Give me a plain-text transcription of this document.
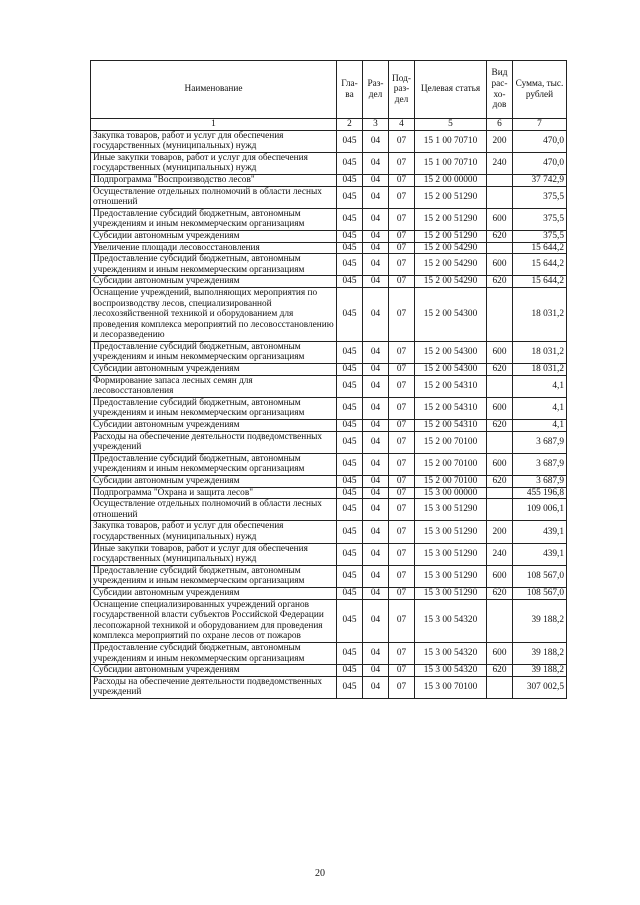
Наименование	Гла-ва	Раз-дел	Под-раз-дел	Целевая статья	Вид рас-хо-дов	Сумма, тыс. рублей
1	2	3	4	5	6	7
Закупка товаров, работ и услуг для обеспечения государственных (муниципальных) нужд	045	04	07	15 1 00 70710	200	470,0
Иные закупки товаров, работ и услуг для обеспечения государственных (муниципальных) нужд	045	04	07	15 1 00 70710	240	470,0
Подпрограмма "Воспроизводство лесов"	045	04	07	15 2 00 00000		37 742,9
Осуществление отдельных полномочий в области лесных отношений	045	04	07	15 2 00 51290		375,5
Предоставление субсидий бюджетным, автономным учреждениям и иным некоммерческим организациям	045	04	07	15 2 00 51290	600	375,5
Субсидии автономным учреждениям	045	04	07	15 2 00 51290	620	375,5
Увеличение площади лесовосстановления	045	04	07	15 2 00 54290		15 644,2
Предоставление субсидий бюджетным, автономным учреждениям и иным некоммерческим организациям	045	04	07	15 2 00 54290	600	15 644,2
Субсидии автономным учреждениям	045	04	07	15 2 00 54290	620	15 644,2
Оснащение учреждений, выполняющих мероприятия по воспроизводству лесов, специализированной лесохозяйственной техникой и оборудованием для проведения комплекса мероприятий по лесовосстановлению и лесоразведению	045	04	07	15 2 00 54300		18 031,2
Предоставление субсидий бюджетным, автономным учреждениям и иным некоммерческим организациям	045	04	07	15 2 00 54300	600	18 031,2
Субсидии автономным учреждениям	045	04	07	15 2 00 54300	620	18 031,2
Формирование запаса лесных семян для лесовосстановления	045	04	07	15 2 00 54310		4,1
Предоставление субсидий бюджетным, автономным учреждениям и иным некоммерческим организациям	045	04	07	15 2 00 54310	600	4,1
Субсидии автономным учреждениям	045	04	07	15 2 00 54310	620	4,1
Расходы на обеспечение деятельности подведомственных учреждений	045	04	07	15 2 00 70100		3 687,9
Предоставление субсидий бюджетным, автономным учреждениям и иным некоммерческим организациям	045	04	07	15 2 00 70100	600	3 687,9
Субсидии автономным учреждениям	045	04	07	15 2 00 70100	620	3 687,9
Подпрограмма "Охрана и защита лесов"	045	04	07	15 3 00 00000		455 196,8
Осуществление отдельных полномочий в области лесных отношений	045	04	07	15 3 00 51290		109 006,1
Закупка товаров, работ и услуг для обеспечения государственных (муниципальных) нужд	045	04	07	15 3 00 51290	200	439,1
Иные закупки товаров, работ и услуг для обеспечения государственных (муниципальных) нужд	045	04	07	15 3 00 51290	240	439,1
Предоставление субсидий бюджетным, автономным учреждениям и иным некоммерческим организациям	045	04	07	15 3 00 51290	600	108 567,0
Субсидии автономным учреждениям	045	04	07	15 3 00 51290	620	108 567,0
Оснащение специализированных учреждений органов государственной власти субъектов Российской Федерации лесопожарной техникой и оборудованием для проведения комплекса мероприятий по охране лесов от пожаров	045	04	07	15 3 00 54320		39 188,2
Предоставление субсидий бюджетным, автономным учреждениям и иным некоммерческим организациям	045	04	07	15 3 00 54320	600	39 188,2
Субсидии автономным учреждениям	045	04	07	15 3 00 54320	620	39 188,2
Расходы на обеспечение деятельности подведомственных учреждений	045	04	07	15 3 00 70100		307 002,5
20
